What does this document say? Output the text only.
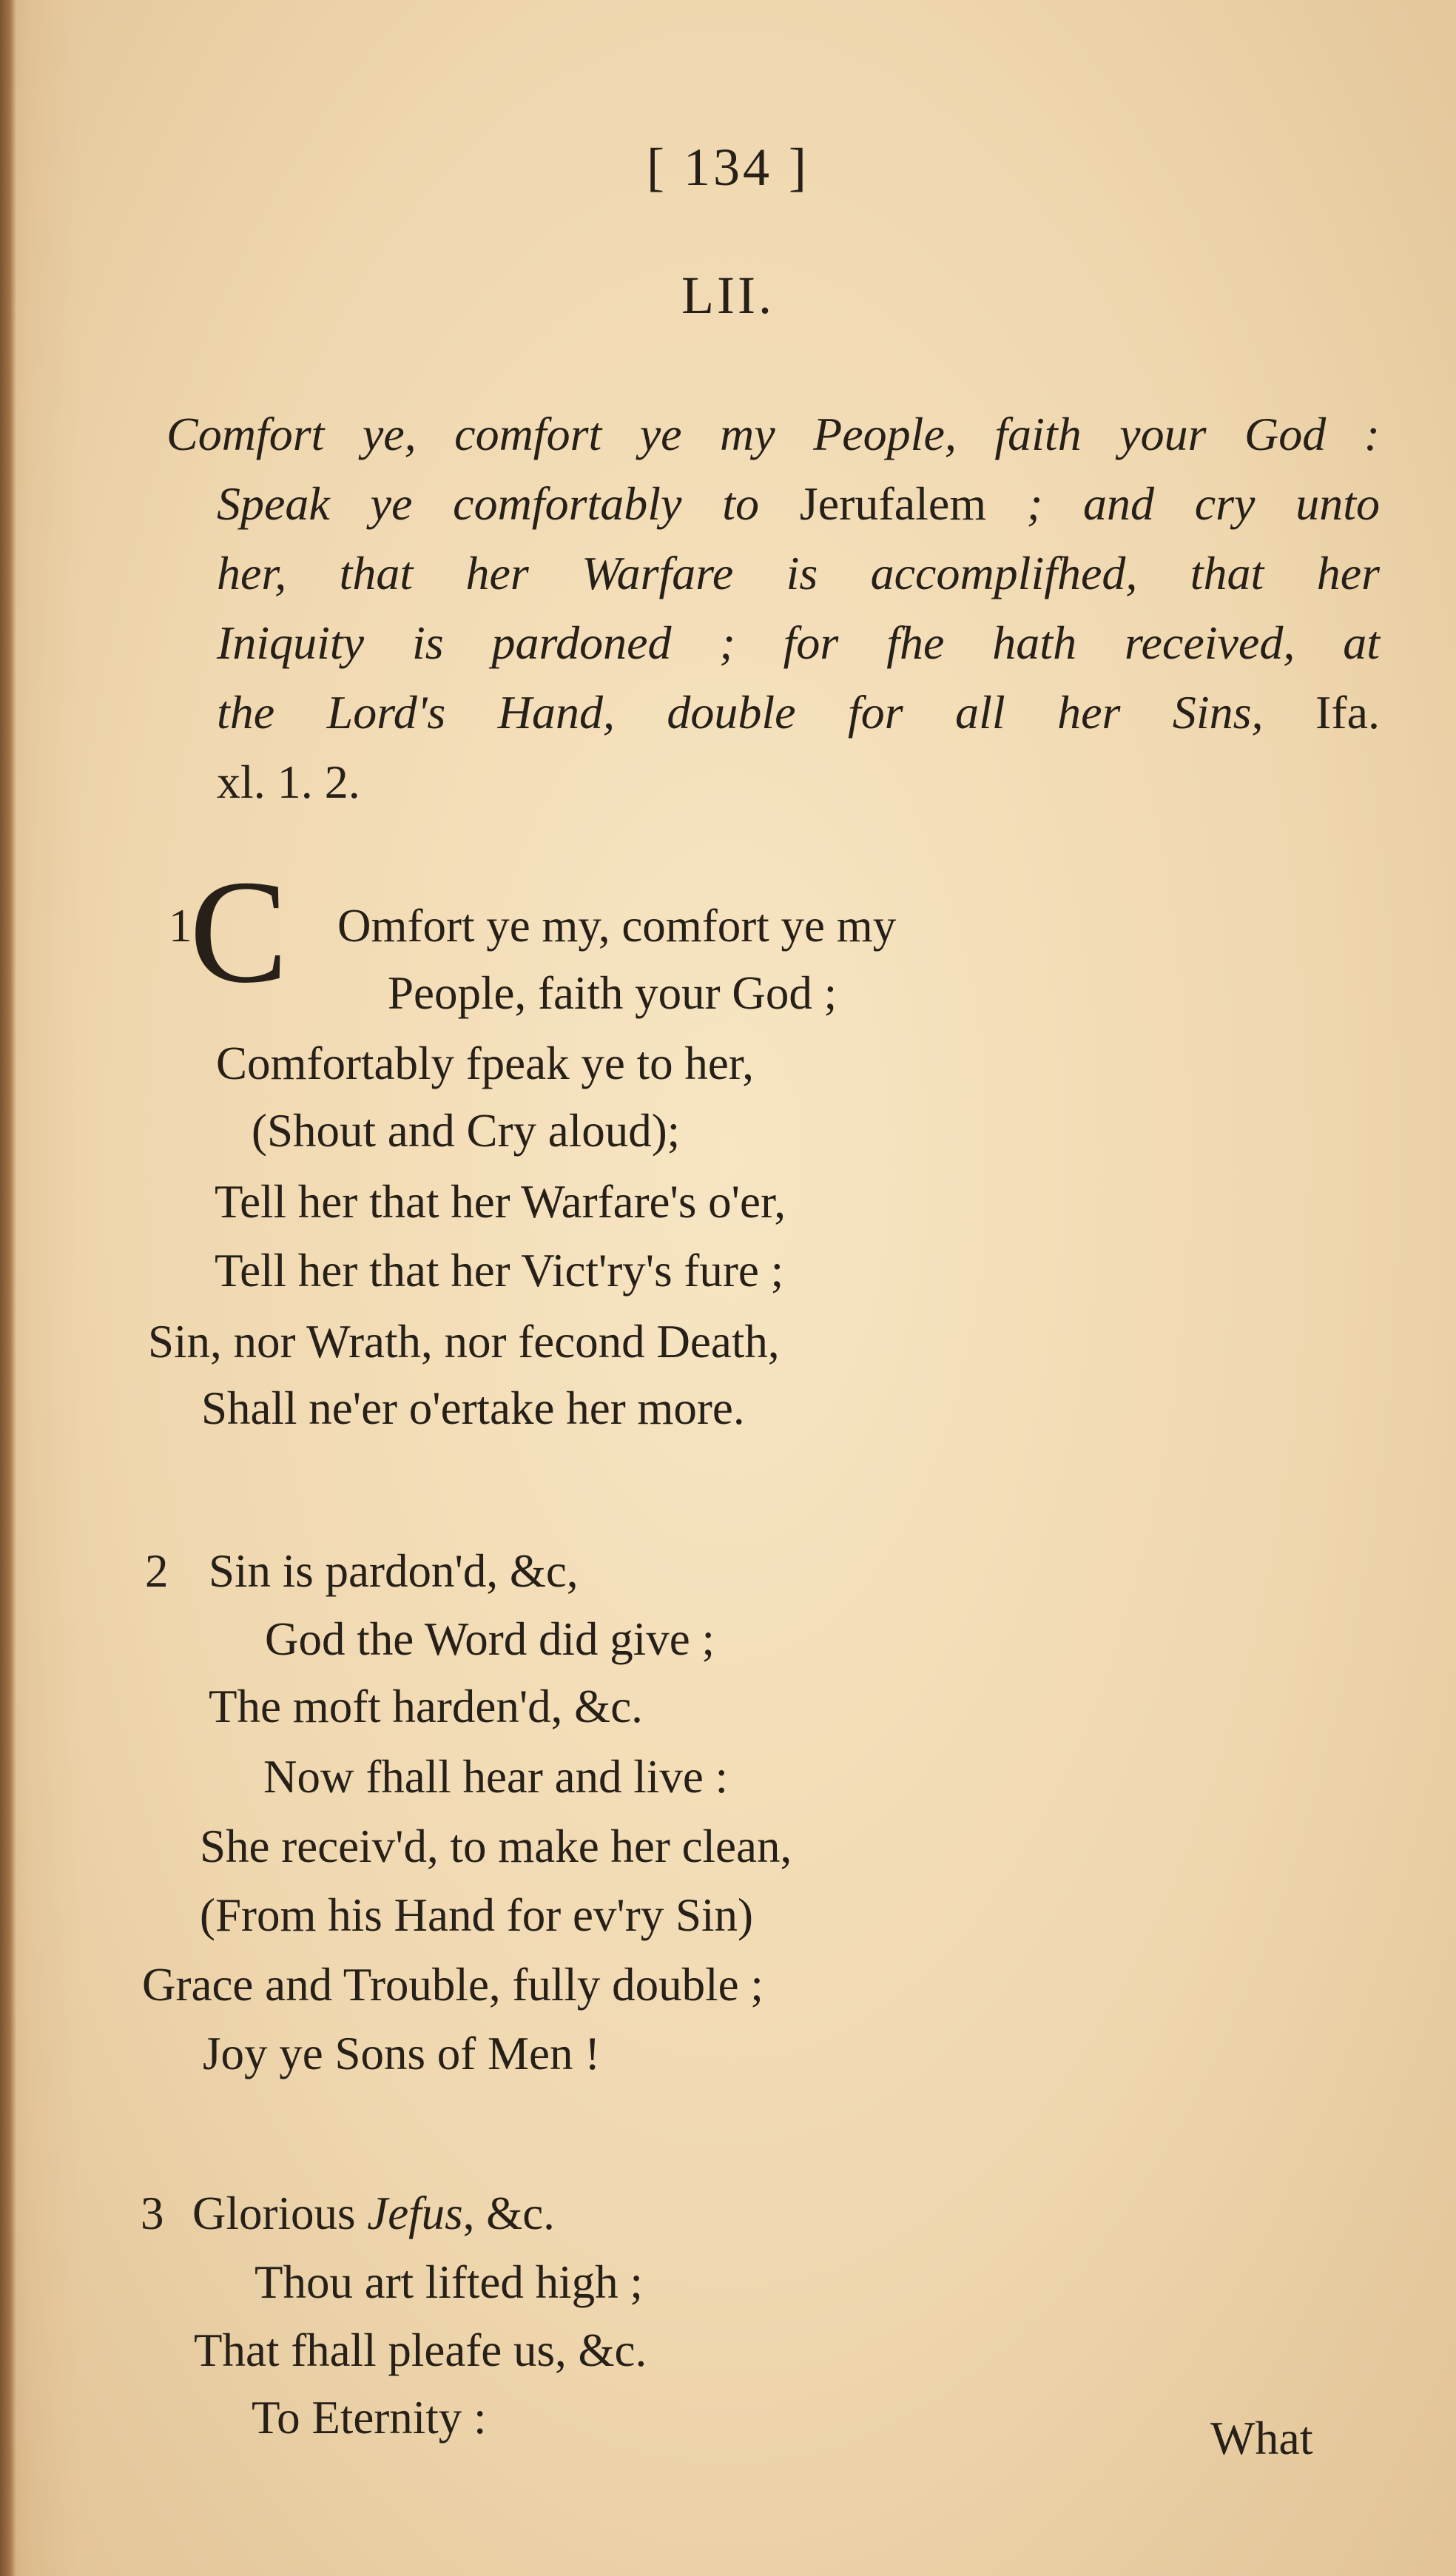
[ 134 ]
LII.
Comfort ye, comfort ye my People, faith your God :
Speak ye comfortably to Jerufalem ; and cry unto
her, that her Warfare is accomplifhed, that her
Iniquity is pardoned ; for fhe hath received, at
the Lord's Hand, double for all her Sins, Ifa.
xl. 1. 2.
1
C Omfort ye my, comfort ye my
People, faith your God ;
Comfortably fpeak ye to her,
(Shout and Cry aloud);
Tell her that her Warfare's o'er,
Tell her that her Vict'ry's fure ;
Sin, nor Wrath, nor fecond Death,
Shall ne'er o'ertake her more.
2 Sin is pardon'd, &c,
God the Word did give ;
The moft harden'd, &c.
Now fhall hear and live :
She receiv'd, to make her clean,
(From his Hand for ev'ry Sin)
Grace and Trouble, fully double ;
Joy ye Sons of Men !
3 Glorious Jefus, &c.
Thou art lifted high ;
That fhall pleafe us, &c.
To Eternity :	What
